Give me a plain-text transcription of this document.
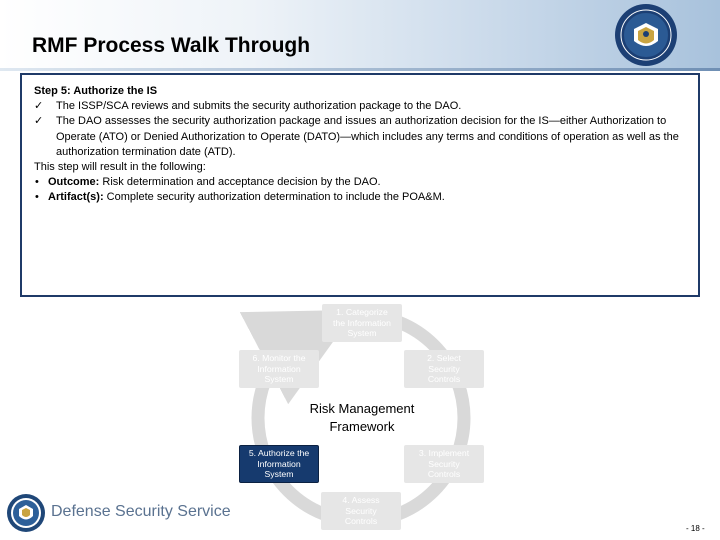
RMF Process Walk Through
Step 5: Authorize the IS
✓ The ISSP/SCA reviews and submits the security authorization package to the DAO.
✓ The DAO assesses the security authorization package and issues an authorization decision for the IS—either Authorization to Operate (ATO) or Denied Authorization to Operate (DATO)—which includes any terms and conditions of operation as well as the authorization termination date (ATD).
This step will result in the following:
• Outcome: Risk determination and acceptance decision by the DAO.
• Artifact(s): Complete security authorization determination to include the POA&M.
1. Categorize
the Information
System
2. Select
Security
Controls
3. Implement
Security
Controls
4. Assess
Security
Controls
5. Authorize the
Information
System
6. Monitor the
Information
System
Risk Management
Framework
Defense Security Service
- 18 -
